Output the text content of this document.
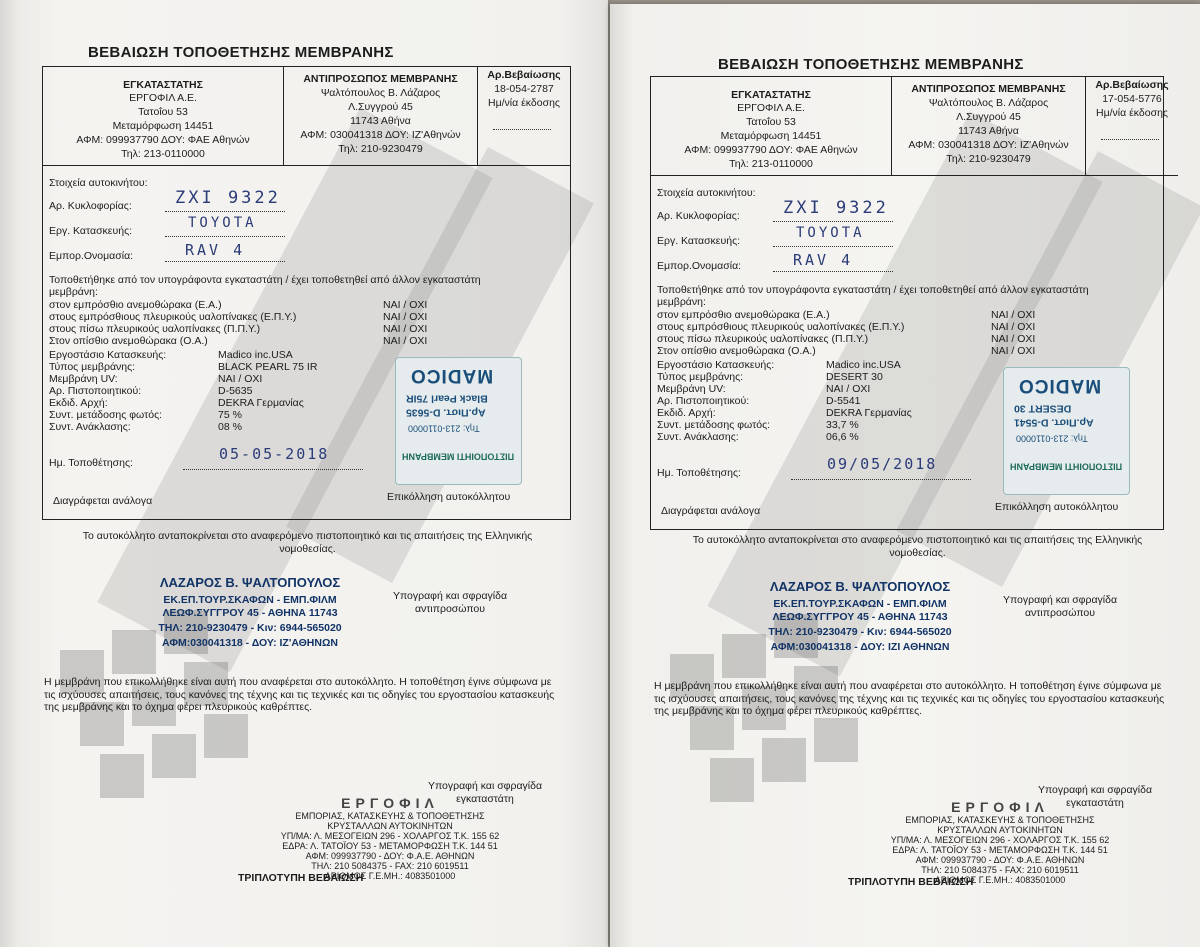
ΒΕΒΑΙΩΣΗ ΤΟΠΟΘΕΤΗΣΗΣ ΜΕΜΒΡΑΝΗΣ
ΕΓΚΑΤΑΣΤΑΤΗΣ
ΕΡΓΟΦΙΛ Α.Ε.
Τατοΐου 53
Μεταμόρφωση 14451
ΑΦΜ: 099937790 ΔΟΥ: ΦΑΕ Αθηνών
Τηλ: 213-0110000
ΑΝΤΙΠΡΟΣΩΠΟΣ ΜΕΜΒΡΑΝΗΣ
Ψαλτόπουλος Β. Λάζαρος
Λ.Συγγρού 45
11743 Αθήνα
ΑΦΜ: 030041318 ΔΟΥ: ΙΖ'Αθηνών
Τηλ: 210-9230479
Αρ.Βεβαίωσης
18-054-2787
Ημ/νία έκδοσης
Στοιχεία αυτοκινήτου:
Αρ. Κυκλοφορίας:	ZXI 9322
Εργ. Κατασκευής:	TOYOTA
Εμπορ.Ονομασία:	RAV 4
Τοποθετήθηκε από τον υπογράφοντα εγκαταστάτη / έχει τοποθετηθεί από άλλον εγκαταστάτη
μεμβράνη:
στον εμπρόσθιο ανεμοθώρακα (Ε.Α.)	ΝΑΙ / ΟΧΙ
στους εμπρόσθιους πλευρικούς υαλοπίνακες (Ε.Π.Υ.)	ΝΑΙ / ΟΧΙ
στους πίσω πλευρικούς υαλοπίνακες (Π.Π.Υ.)	ΝΑΙ / ΟΧΙ
Στον οπίσθιο ανεμοθώρακα (Ο.Α.)	ΝΑΙ / ΟΧΙ
Εργοστάσιο Κατασκευής:	Madico inc.USA
Τύπος μεμβράνης:	BLACK PEARL 75 IR
Μεμβράνη UV:	ΝΑΙ / ΟΧΙ
Αρ. Πιστοποιητικού:	D-5635
Εκδιδ. Αρχή:	DEKRA Γερμανίας
Συντ. μετάδοσης φωτός:	75 %
Συντ. Ανάκλασης:	08 %
Ημ. Τοποθέτησης:	05-05-2018
Διαγράφεται ανάλογα
MADICO
Black Pearl 75IR
Αρ.Πιστ. D-5635
Τηλ: 213-0110000
ΠΙΣΤΟΠΟΙΗΤΙ ΜΕΜΒΡΑΝΗ
Επικόλληση αυτοκόλλητου
Το αυτοκόλλητο ανταποκρίνεται στο αναφερόμενο πιστοποιητικό και τις απαιτήσεις της Ελληνικής νομοθεσίας.
ΛΑΖΑΡΟΣ Β. ΨΑΛΤΟΠΟΥΛΟΣ
ΕΚ.ΕΠ.ΤΟΥΡ.ΣΚΑΦΩΝ - ΕΜΠ.ΦΙΛΜ
ΛΕΩΦ.ΣΥΓΓΡΟΥ 45 - ΑΘΗΝΑ 11743
ΤΗΛ: 210-9230479 - Κιν: 6944-565020
ΑΦΜ:030041318 - ΔΟΥ: ΙΖ'ΑΘΗΝΩΝ
Υπογραφή και σφραγίδα αντιπροσώπου
Η μεμβράνη που επικολλήθηκε είναι αυτή που αναφέρεται στο αυτοκόλλητο. Η τοποθέτηση έγινε σύμφωνα με τις ισχύουσες απαιτήσεις, τους κανόνες της τέχνης και τις τεχνικές και τις οδηγίες του εργοστασίου κατασκευής της μεμβράνης και το όχημα φέρει πλευρικούς καθρέπτες.
Υπογραφή και σφραγίδα εγκαταστάτη
ΕΡΓΟΦΙΛ
ΕΜΠΟΡΙΑΣ, ΚΑΤΑΣΚΕΥΗΣ & ΤΟΠΟΘΕΤΗΣΗΣ
ΚΡΥΣΤΑΛΛΩΝ ΑΥΤΟΚΙΝΗΤΩΝ
ΥΠ/ΜΑ: Λ. ΜΕΣΟΓΕΙΩΝ 296 - ΧΟΛΑΡΓΟΣ Τ.Κ. 155 62
ΕΔΡΑ: Λ. ΤΑΤΟΪΟΥ 53 - ΜΕΤΑΜΟΡΦΩΣΗ Τ.Κ. 144 51
ΑΦΜ: 099937790 - ΔΟΥ: Φ.Α.Ε. ΑΘΗΝΩΝ
ΤΗΛ: 210 5084375 - FAX: 210 6019511
ΑΡΙΘΜΟΣ Γ.Ε.ΜΗ.: 4083501000
ΤΡΙΠΛΟΤΥΠΗ ΒΕΒΑΙΩΣΗ
ΒΕΒΑΙΩΣΗ ΤΟΠΟΘΕΤΗΣΗΣ ΜΕΜΒΡΑΝΗΣ
ΕΓΚΑΤΑΣΤΑΤΗΣ
ΕΡΓΟΦΙΛ Α.Ε.
Τατοΐου 53
Μεταμόρφωση 14451
ΑΦΜ: 099937790 ΔΟΥ: ΦΑΕ Αθηνών
Τηλ: 213-0110000
ΑΝΤΙΠΡΟΣΩΠΟΣ ΜΕΜΒΡΑΝΗΣ
Ψαλτόπουλος Β. Λάζαρος
Λ.Συγγρού 45
11743 Αθήνα
ΑΦΜ: 030041318 ΔΟΥ: ΙΖ'Αθηνών
Τηλ: 210-9230479
Αρ.Βεβαίωσης
17-054-5776
Ημ/νία έκδοσης
Στοιχεία αυτοκινήτου:
Αρ. Κυκλοφορίας:	ZXI 9322
Εργ. Κατασκευής:	TOYOTA
Εμπορ.Ονομασία:	RAV 4
Τοποθετήθηκε από τον υπογράφοντα εγκαταστάτη / έχει τοποθετηθεί από άλλον εγκαταστάτη
μεμβράνη:
στον εμπρόσθιο ανεμοθώρακα (Ε.Α.)	ΝΑΙ / ΟΧΙ
στους εμπρόσθιους πλευρικούς υαλοπίνακες (Ε.Π.Υ.)	ΝΑΙ / ΟΧΙ
στους πίσω πλευρικούς υαλοπίνακες (Π.Π.Υ.)	ΝΑΙ / ΟΧΙ
Στον οπίσθιο ανεμοθώρακα (Ο.Α.)	ΝΑΙ / ΟΧΙ
Εργοστάσιο Κατασκευής:	Madico inc.USA
Τύπος μεμβράνης:	DESERT 30
Μεμβράνη UV:	ΝΑΙ / ΟΧΙ
Αρ. Πιστοποιητικού:	D-5541
Εκδιδ. Αρχή:	DEKRA Γερμανίας
Συντ. μετάδοσης φωτός:	33,7 %
Συντ. Ανάκλασης:	06,6 %
Ημ. Τοποθέτησης:	09/05/2018
Διαγράφεται ανάλογα
MADICO
DESERT 30
Αρ.Πιστ. D-5541
Τηλ: 213-0110000
ΠΙΣΤΟΠΟΙΗΤΙ ΜΕΜΒΡΑΝΗ
Επικόλληση αυτοκόλλητου
Το αυτοκόλλητο ανταποκρίνεται στο αναφερόμενο πιστοποιητικό και τις απαιτήσεις της Ελληνικής νομοθεσίας.
ΛΑΖΑΡΟΣ Β. ΨΑΛΤΟΠΟΥΛΟΣ
ΕΚ.ΕΠ.ΤΟΥΡ.ΣΚΑΦΩΝ - ΕΜΠ.ΦΙΛΜ
ΛΕΩΦ.ΣΥΓΓΡΟΥ 45 - ΑΘΗΝΑ 11743
ΤΗΛ: 210-9230479 - Κιν: 6944-565020
ΑΦΜ:030041318 - ΔΟΥ: ΙΖΙ ΑΘΗΝΩΝ
Υπογραφή και σφραγίδα αντιπροσώπου
Η μεμβράνη που επικολλήθηκε είναι αυτή που αναφέρεται στο αυτοκόλλητο. Η τοποθέτηση έγινε σύμφωνα με τις ισχύουσες απαιτήσεις, τους κανόνες της τέχνης και τις τεχνικές και τις οδηγίες του εργοστασίου κατασκευής της μεμβράνης και το όχημα φέρει πλευρικούς καθρέπτες.
Υπογραφή και σφραγίδα εγκαταστάτη
ΕΡΓΟΦΙΛ
ΕΜΠΟΡΙΑΣ, ΚΑΤΑΣΚΕΥΗΣ & ΤΟΠΟΘΕΤΗΣΗΣ
ΚΡΥΣΤΑΛΛΩΝ ΑΥΤΟΚΙΝΗΤΩΝ
ΥΠ/ΜΑ: Λ. ΜΕΣΟΓΕΙΩΝ 296 - ΧΟΛΑΡΓΟΣ Τ.Κ. 155 62
ΕΔΡΑ: Λ. ΤΑΤΟΪΟΥ 53 - ΜΕΤΑΜΟΡΦΩΣΗ Τ.Κ. 144 51
ΑΦΜ: 099937790 - ΔΟΥ: Φ.Α.Ε. ΑΘΗΝΩΝ
ΤΗΛ: 210 5084375 - FAX: 210 6019511
ΑΡΙΘΜΟΣ Γ.Ε.ΜΗ.: 4083501000
ΤΡΙΠΛΟΤΥΠΗ ΒΕΒΑΙΩΣΗ
